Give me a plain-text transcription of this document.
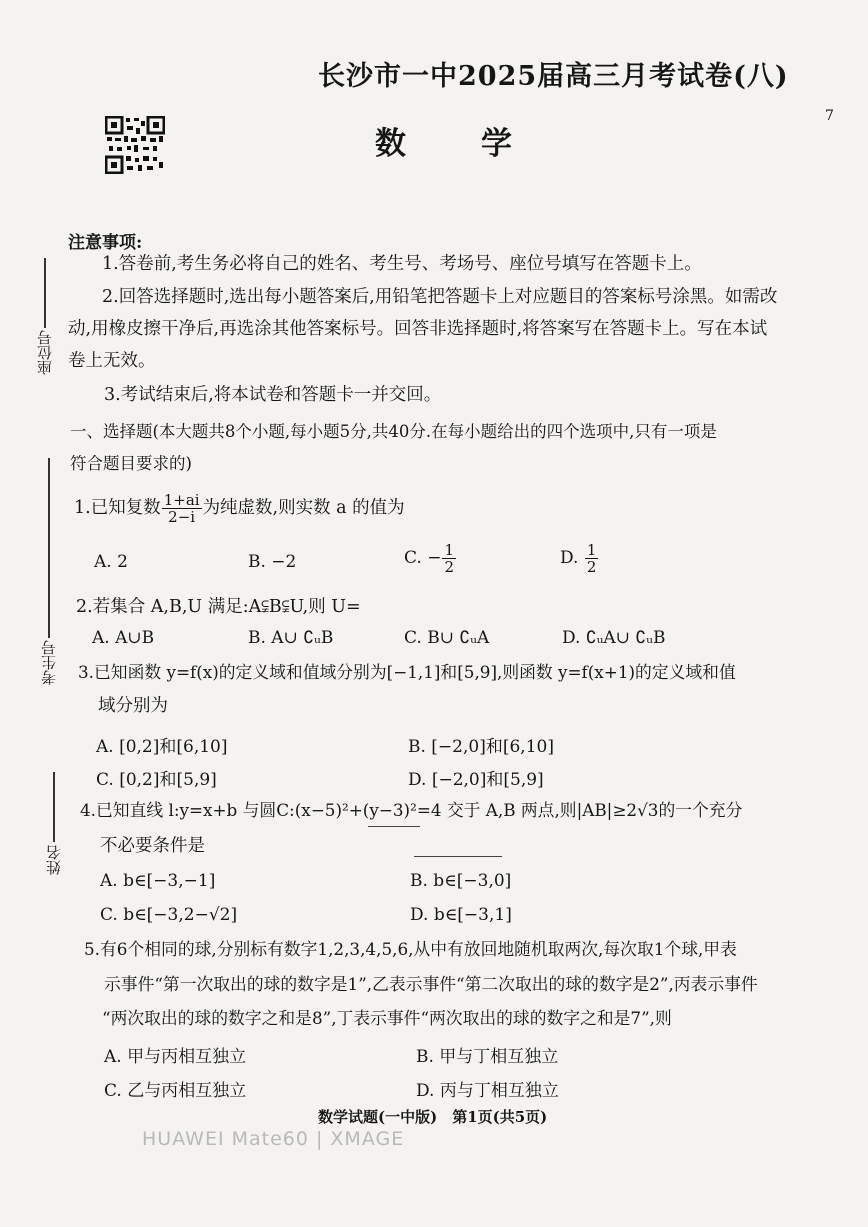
长沙市一中2025届高三月考试卷(八)
数　学
7
座位号
考生号
姓名
注意事项:
1.答卷前,考生务必将自己的姓名、考生号、考场号、座位号填写在答题卡上。
2.回答选择题时,选出每小题答案后,用铅笔把答题卡上对应题目的答案标号涂黑。如需改
动,用橡皮擦干净后,再选涂其他答案标号。回答非选择题时,将答案写在答题卡上。写在本试
卷上无效。
3.考试结束后,将本试卷和答题卡一并交回。
一、选择题(本大题共8个小题,每小题5分,共40分.在每小题给出的四个选项中,只有一项是
符合题目要求的)
1.已知复数 $\frac{1+ai}{2-i}$ 为纯虚数,则实数 a 的值为
A. 2	B. −2	C. − $\frac{1}{2}$	D. $\frac{1}{2}$
2.若集合 A,B,U 满足:A⫋B⫋U,则 U=
A. A∪B	B. A∪ ∁ᵤB	C. B∪ ∁ᵤA	D. ∁ᵤA∪ ∁ᵤB
3.已知函数 y=f(x)的定义域和值域分别为[−1,1]和[5,9],则函数 y=f(x+1)的定义域和值
域分别为
A. [0,2]和[6,10]	B. [−2,0]和[6,10]
C. [0,2]和[5,9]	D. [−2,0]和[5,9]
4.已知直线 l:y=x+b 与圆C:(x−5)²+(y−3)²=4 交于 A,B 两点,则|AB|≥2√3的一个充分
不必要条件是
A. b∈[−3,−1]	B. b∈[−3,0]
C. b∈[−3,2−√2]	D. b∈[−3,1]
5.有6个相同的球,分别标有数字1,2,3,4,5,6,从中有放回地随机取两次,每次取1个球,甲表
示事件“第一次取出的球的数字是1”,乙表示事件“第二次取出的球的数字是2”,丙表示事件
“两次取出的球的数字之和是8”,丁表示事件“两次取出的球的数字之和是7”,则
A. 甲与丙相互独立	B. 甲与丁相互独立
C. 乙与丙相互独立	D. 丙与丁相互独立
数学试题(一中版)　第1页(共5页)
HUAWEI Mate60 | XMAGE
